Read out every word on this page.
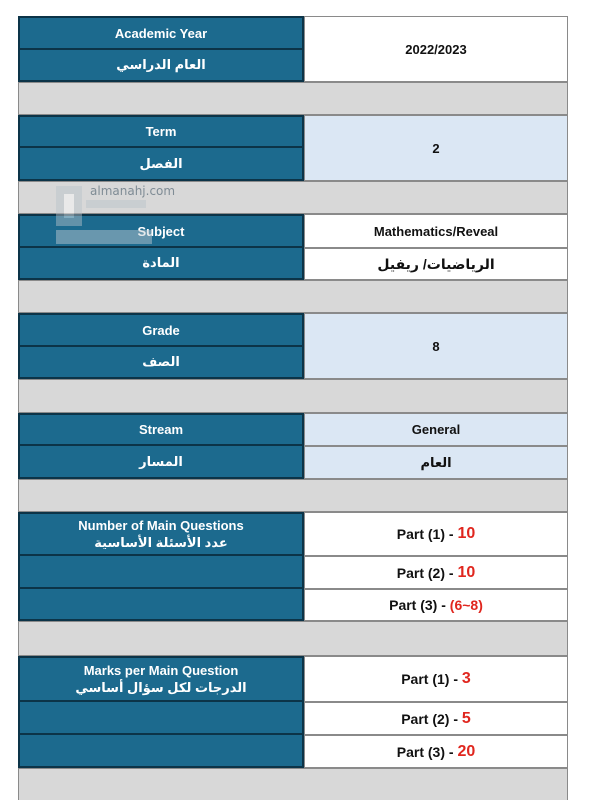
Academic Year
العام الدراسي
2022/2023
Term
الفصل
2
Subject
المادة
Mathematics/Reveal
الرياضيات/ ريفيل
Grade
الصف
8
Stream
المسار
General
العام
Number of Main Questions
عدد الأسئلة الأساسية
Part (1) - 10
Part (2) - 10
Part (3) - (6~8)
Marks per Main Question
الدرجات لكل سؤال أساسي
Part (1) - 3
Part (2) - 5
Part (3) - 20
almanahj.com
